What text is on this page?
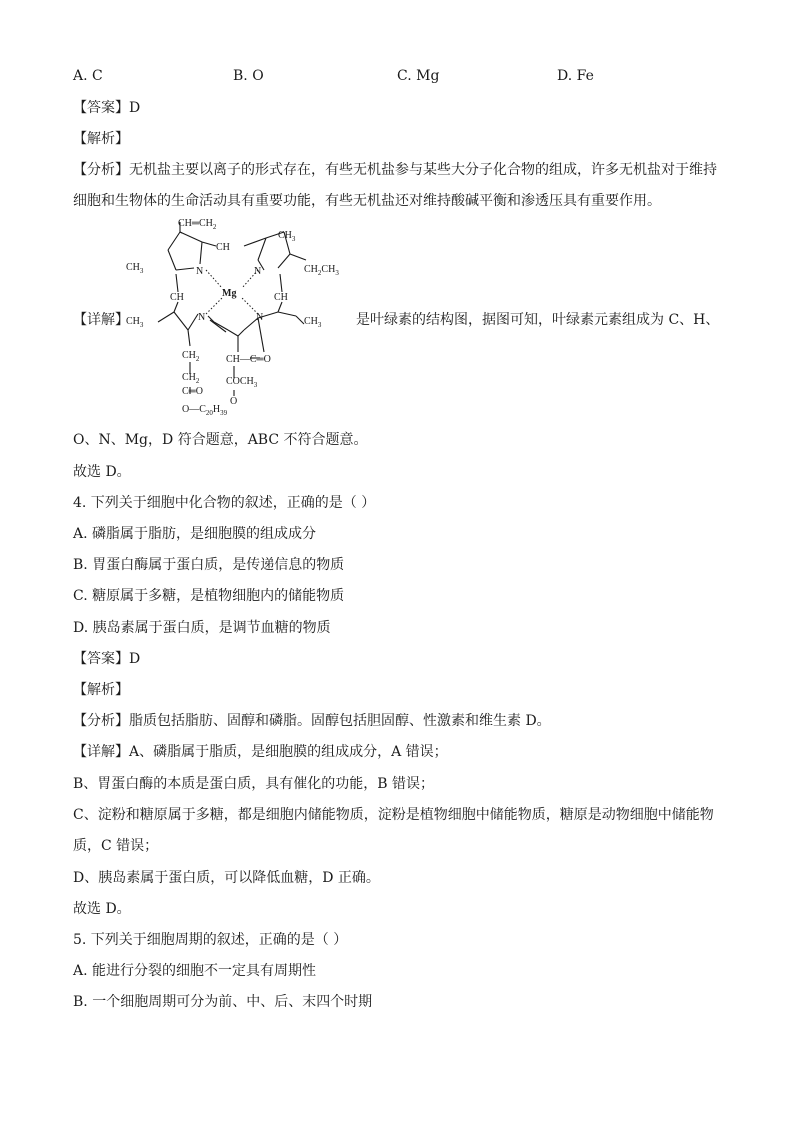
A. C	B. O	C. Mg	D. Fe
【答案】D
【解析】
【分析】无机盐主要以离子的形式存在，有些无机盐参与某些大分子化合物的组成，许多无机盐对于维持
细胞和生物体的生命活动具有重要功能，有些无机盐还对维持酸碱平衡和渗透压具有重要作用。
【详解】
$CH═CH_2$
CH
$CH_3$
$CH_3$
N	N
Mg
$CH_2CH_3$
CH	CH
$CH_3$	$CH_3$
N	N
$CH_2$
$CH_2$
CH—C═O
$COCH_3$
C═O
O
$O—C_{20}H_{39}$
是叶绿素的结构图，据图可知，叶绿素元素组成为 C、H、
O、N、Mg，D 符合题意，ABC 不符合题意。
故选 D。
4. 下列关于细胞中化合物的叙述，正确的是（ ）
A. 磷脂属于脂肪，是细胞膜的组成成分
B. 胃蛋白酶属于蛋白质，是传递信息的物质
C. 糖原属于多糖，是植物细胞内的储能物质
D. 胰岛素属于蛋白质，是调节血糖的物质
【答案】D
【解析】
【分析】脂质包括脂肪、固醇和磷脂。固醇包括胆固醇、性激素和维生素 D。
【详解】A、磷脂属于脂质，是细胞膜的组成成分，A 错误；
B、胃蛋白酶的本质是蛋白质，具有催化的功能，B 错误；
C、淀粉和糖原属于多糖，都是细胞内储能物质，淀粉是植物细胞中储能物质，糖原是动物细胞中储能物
质，C 错误；
D、胰岛素属于蛋白质，可以降低血糖，D 正确。
故选 D。
5. 下列关于细胞周期的叙述，正确的是（ ）
A. 能进行分裂的细胞不一定具有周期性
B. 一个细胞周期可分为前、中、后、末四个时期
